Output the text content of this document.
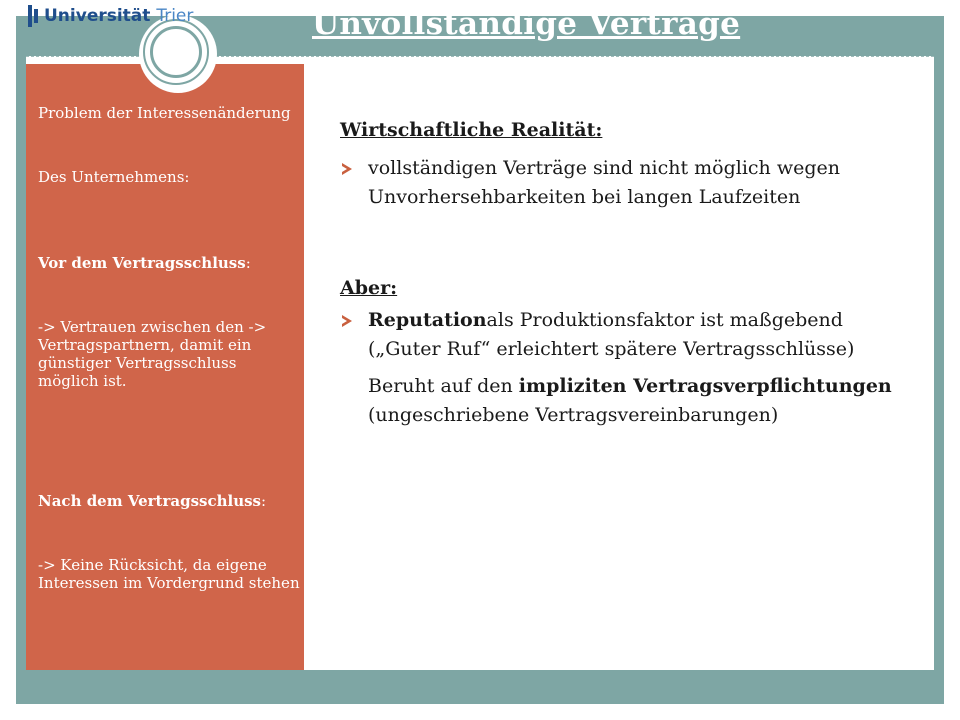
Problem der Interessenänderung
Des Unternehmens:
Vor dem Vertragsschluss:
-> Vertrauen zwischen den -> Vertragspartnern, damit ein günstiger Vertragsschluss möglich ist.
Nach dem Vertragsschluss:
-> Keine Rücksicht, da eigene Interessen im Vordergrund stehen
Universität Trier	Unvollständige Verträge
Wirtschaftliche Realität:
vollständigen Verträge sind nicht möglich wegen Unvorhersehbarkeiten bei langen Laufzeiten
Aber:
Reputationals Produktionsfaktor ist maßgebend („Guter Ruf“ erleichtert spätere Vertragsschlüsse)
Beruht auf den impliziten Vertragsverpflichtungen (ungeschriebene Vertragsvereinbarungen)
